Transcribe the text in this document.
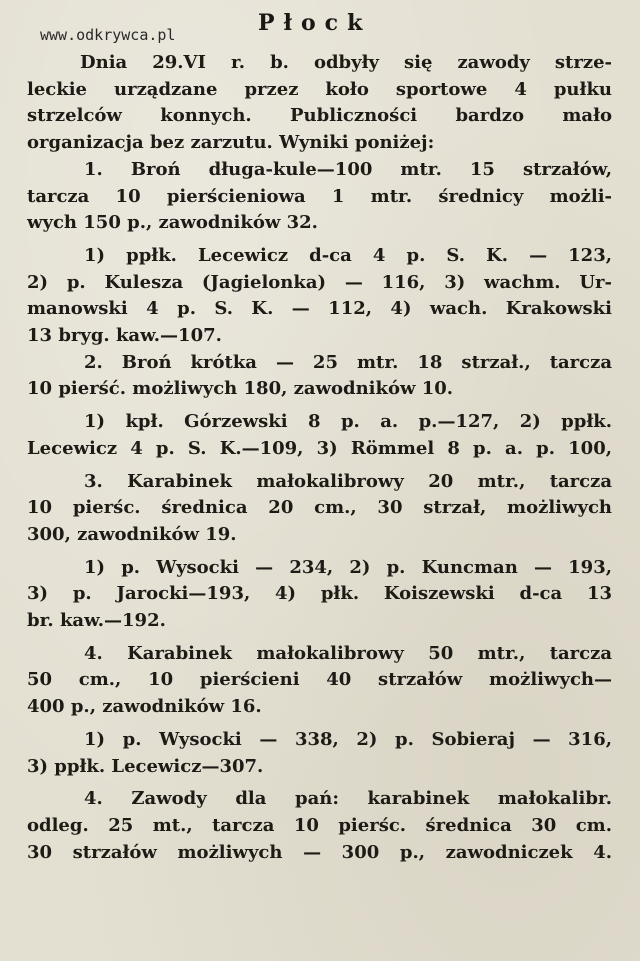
www.odkrywca.pl	Płock
Dnia 29.VI r. b. odbyły się zawody strze-
leckie urządzane przez koło sportowe 4 pułku
strzelców konnych. Publiczności bardzo mało
organizacja bez zarzutu. Wyniki poniżej:
1. Broń długa-kule—100 mtr. 15 strzałów,
tarcza 10 pierścieniowa 1 mtr. średnicy możli-
wych 150 p., zawodników 32.
1) ppłk. Lecewicz d-ca 4 p. S. K. — 123,
2) p. Kulesza (Jagielonka) — 116, 3) wachm. Ur-
manowski 4 p. S. K. — 112, 4) wach. Krakowski
13 bryg. kaw.—107.
2. Broń krótka — 25 mtr. 18 strzał., tarcza
10 pierść. możliwych 180, zawodników 10.
1) kpł. Górzewski 8 p. a. p.—127, 2) ppłk.
Lecewicz 4 p. S. K.—109, 3) Römmel 8 p. a. p. 100,
3. Karabinek małokalibrowy 20 mtr., tarcza
10 pierśc. średnica 20 cm., 30 strzał, możliwych
300, zawodników 19.
1) p. Wysocki — 234, 2) p. Kuncman — 193,
3) p. Jarocki—193, 4) płk. Koiszewski d-ca 13
br. kaw.—192.
4. Karabinek małokalibrowy 50 mtr., tarcza
50 cm., 10 pierścieni 40 strzałów możliwych—
400 p., zawodników 16.
1) p. Wysocki — 338, 2) p. Sobieraj — 316,
3) ppłk. Lecewicz—307.
4. Zawody dla pań: karabinek małokalibr.
odleg. 25 mt., tarcza 10 pierśc. średnica 30 cm.
30 strzałów możliwych — 300 p., zawodniczek 4.
